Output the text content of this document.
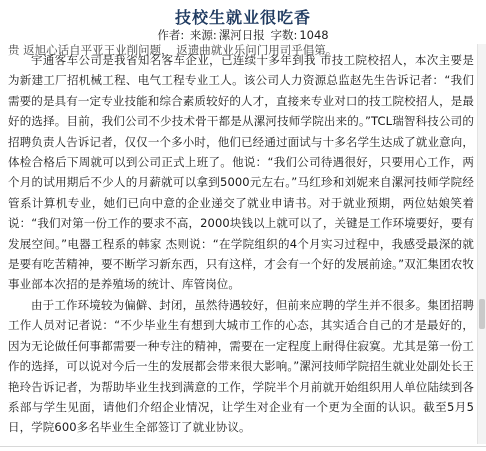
技校生就业很吃香
作者: 来源: 漯河日报 字数: 1048
贵 返旭心话自平亚王业削问题， 返遗曲就业乐问门用司乎倡第。

宇通客车公司是我省知名客车企业，已连续十多年到我 市技工院校招人，本次主要是为新建工厂招机械工程、电气工程专业工人。该公司人力资源总监赵先生告诉记者：“我们需要的是具有一定专业技能和综合素质较好的人才，直接来专业对口的技工院校招人，是最好的选择。目前，我们公司不少技术骨干都是从漯河技师学院出来的。”TCL瑞智科技公司的招聘负责人告诉记者，仅仅一个多小时，他们已经通过面试与十多名学生达成了就业意向，体检合格后下周就可以到公司正式上班了。他说：“我们公司待遇很好，只要用心工作，两个月的试用期后不少人的月薪就可以拿到5000元左右。”马红珍和刘妮来自漯河技师学院经管系计算机专业，她们已向中意的企业递交了就业申请书。对于就业预期，两位姑娘笑着说：“我们对第一份工作的要求不高，2000块钱以上就可以了，关键是工作环境要好，要有发展空间。”电器工程系的韩家 杰则说：“在学院组织的4个月实习过程中，我感受最深的就是要有吃苦精神，要不断学习新东西，只有这样，才会有一个好的发展前途。”双汇集团农牧事业部本次招的是养殖场的统计、库管岗位。

由于工作环境较为偏僻、封闭，虽然待遇较好，但前来应聘的学生并不很多。集团招聘工作人员对记者说：“不少毕业生有想到大城市工作的心态，其实适合自己的才是最好的，因为无论做任何事都需要一种专注的精神，需要在一定程度上耐得住寂寞。尤其是第一份工作的选择，可以说对今后一生的发展都会带来很大影响。”漯河技师学院招生就业处副处长王艳玲告诉记者，为帮助毕业生找到满意的工作，学院半个月前就开始组织用人单位陆续到各系部与学生见面，请他们介绍企业情况，让学生对企业有一个更为全面的认识。截至5月5日，学院600多名毕业生全部签订了就业协议。
